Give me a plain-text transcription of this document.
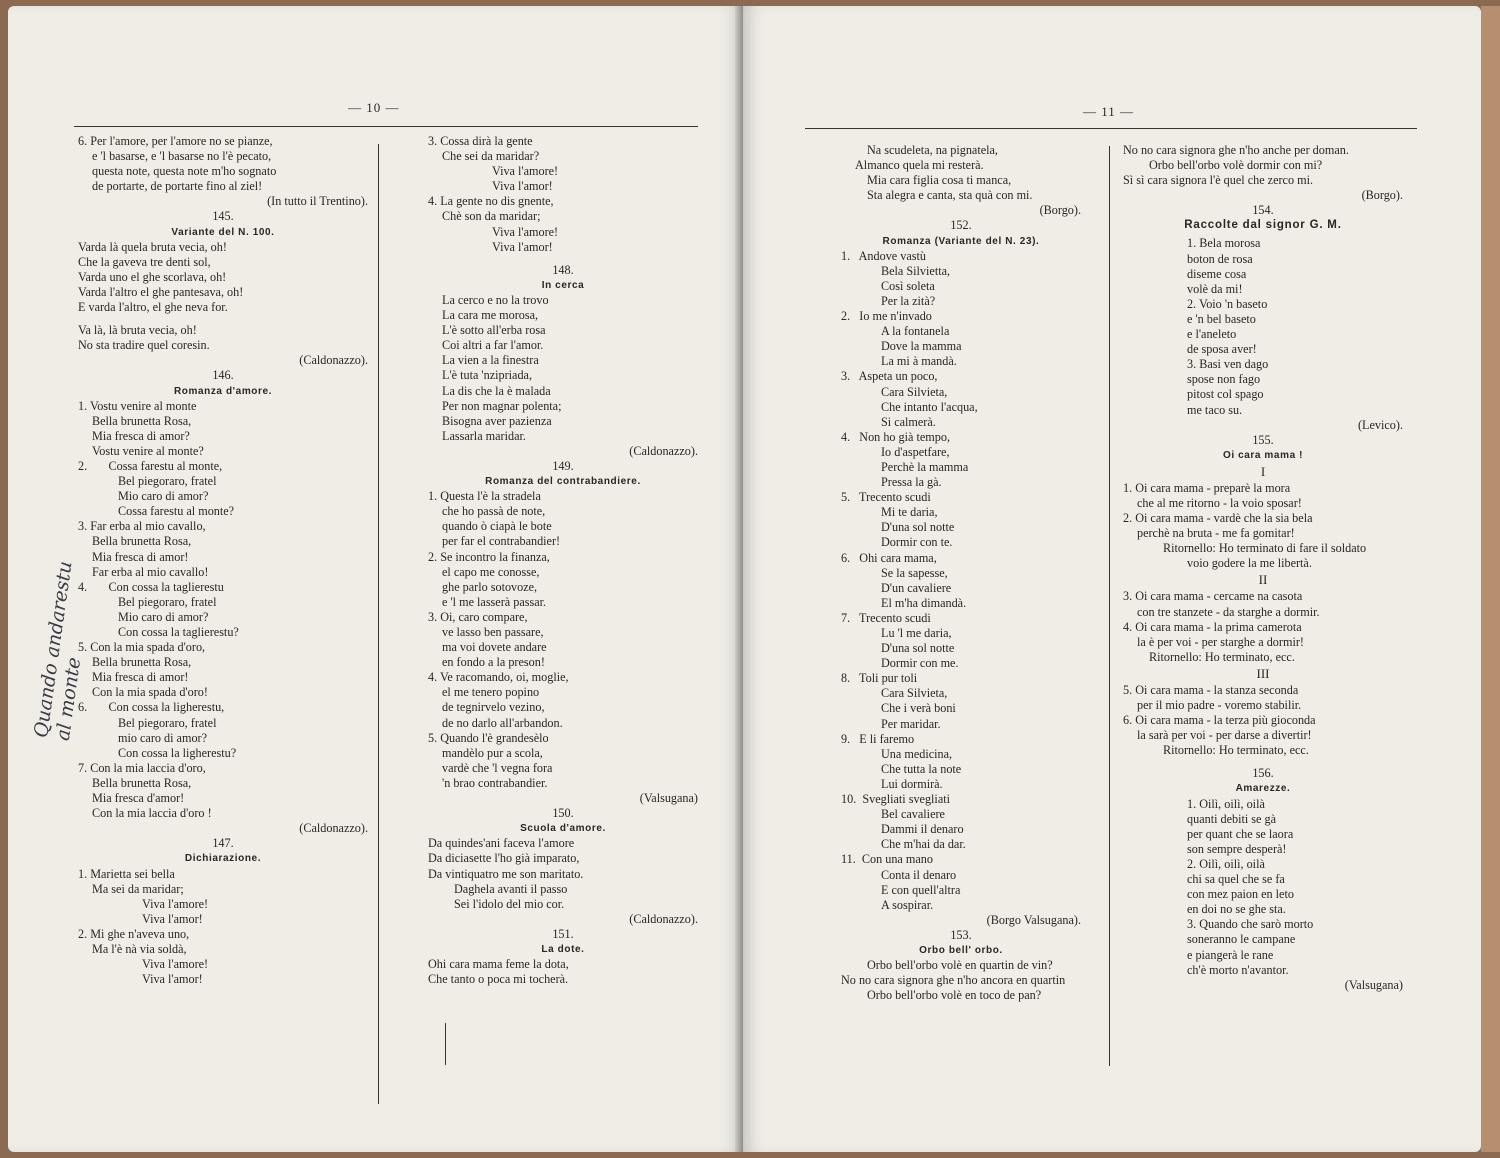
— 10 —
6. Per l'amore, per l'amore no se pianze,
e 'l basarse, e 'l basarse no l'è pecato,
questa note, questa note m'ho sognato
de portarte, de portarte fino al ziel!
(In tutto il Trentino).
145.
Variante del N. 100.
Varda là quela bruta vecia, oh!
Che la gaveva tre denti sol,
Varda uno el ghe scorlava, oh!
Varda l'altro el ghe pantesava, oh!
E varda l'altro, el ghe neva for.
Va là, là bruta vecia, oh!
No sta tradire quel coresin.
(Caldonazzo).
146.
Romanza d'amore.
1. Vostu venire al monte
Bella brunetta Rosa,
Mia fresca di amor?
Vostu venire al monte?
2.       Cossa farestu al monte,
Bel piegoraro, fratel
Mio caro di amor?
Cossa farestu al monte?
3. Far erba al mio cavallo,
Bella brunetta Rosa,
Mia fresca di amor!
Far erba al mio cavallo!
4.       Con cossa la taglierestu
Bel piegoraro, fratel
Mio caro di amor?
Con cossa la taglierestu?
5. Con la mia spada d'oro,
Bella brunetta Rosa,
Mia fresca di amor!
Con la mia spada d'oro!
6.       Con cossa la ligherestu,
Bel piegoraro, fratel
mio caro di amor?
Con cossa la ligherestu?
7. Con la mia laccia d'oro,
Bella brunetta Rosa,
Mia fresca d'amor!
Con la mia laccia d'oro !
(Caldonazzo).
147.
Dichiarazione.
1. Marietta sei bella
Ma sei da maridar;
Viva l'amore!
Viva l'amor!
2. Mi ghe n'aveva uno,
Ma l'è nà via soldà,
Viva l'amore!
Viva l'amor!
3. Cossa dirà la gente
Che sei da maridar?
Viva l'amore!
Viva l'amor!
4. La gente no dis gnente,
Chè son da maridar;
Viva l'amore!
Viva l'amor!
148.
In cerca
La cerco e no la trovo
La cara me morosa,
L'è sotto all'erba rosa
Coi altri a far l'amor.
La vien a la finestra
L'è tuta 'nzipriada,
La dis che la è malada
Per non magnar polenta;
Bisogna aver pazienza
Lassarla maridar.
(Caldonazzo).
149.
Romanza del contrabandiere.
1. Questa l'è la stradela
che ho passà de note,
quando ò ciapà le bote
per far el contrabandier!
2. Se incontro la finanza,
el capo me conosse,
ghe parlo sotovoze,
e 'l me lasserà passar.
3. Oi, caro compare,
ve lasso ben passare,
ma voi dovete andare
en fondo a la preson!
4. Ve racomando, oi, moglie,
el me tenero popino
de tegnirvelo vezino,
de no darlo all'arbandon.
5. Quando l'è grandesèlo
mandèlo pur a scola,
vardè che 'l vegna fora
'n brao contrabandier.
(Valsugana)
150.
Scuola d'amore.
Da quindes'ani faceva l'amore
Da diciasette l'ho già imparato,
Da vintiquatro me son maritato.
Daghela avanti il passo
Sei l'idolo del mio cor.
(Caldonazzo).
151.
La dote.
Ohi cara mama feme la dota,
Che tanto o poca mi tocherà.
Quando andarestu
al monte
— 11 —
Na scudeleta, na pignatela,
Almanco quela mi resterà.
Mia cara figlia cosa ti manca,
Sta alegra e canta, sta quà con mi.
(Borgo).
152.
Romanza (Variante del N. 23).
1.   Andove vastù
Bela Silvietta,
Così soleta
Per la zità?
2.   Io me n'invado
A la fontanela
Dove la mamma
La mi à mandà.
3.   Aspeta un poco,
Cara Silvieta,
Che intanto l'acqua,
Si calmerà.
4.   Non ho già tempo,
Io d'aspetfare,
Perchè la mamma
Pressa la gà.
5.   Trecento scudi
Mi te daria,
D'una sol notte
Dormir con te.
6.   Ohi cara mama,
Se la sapesse,
D'un cavaliere
El m'ha dimandà.
7.   Trecento scudi
Lu 'l me daria,
D'una sol notte
Dormir con me.
8.   Toli pur toli
Cara Silvieta,
Che i verà boni
Per maridar.
9.   E li faremo
Una medicina,
Che tutta la note
Lui dormirà.
10.  Svegliati svegliati
Bel cavaliere
Dammi il denaro
Che m'hai da dar.
11.  Con una mano
Conta il denaro
E con quell'altra
A sospirar.
(Borgo Valsugana).
153.
Orbo bell' orbo.
Orbo bell'orbo volè en quartin de vin?
No no cara signora ghe n'ho ancora en quartin
Orbo bell'orbo volè en toco de pan?
No no cara signora ghe n'ho anche per doman.
Orbo bell'orbo volè dormir con mi?
Sì sì cara signora l'è quel che zerco mi.
(Borgo).
154.
Raccolte dal signor G. M.
1. Bela morosa
boton de rosa
diseme cosa
volè da mi!
2. Voio 'n baseto
e 'n bel baseto
e l'aneleto
de sposa aver!
3. Basi ven dago
spose non fago
pitost col spago
me taco su.
(Levico).
155.
Oi cara mama !
I
1. Oi cara mama - preparè la mora
che al me ritorno - la voio sposar!
2. Oi cara mama - vardè che la sia bela
perchè na bruta - me fa gomitar!
Ritornello: Ho terminato di fare il soldato
voio godere la me libertà.
II
3. Oi cara mama - cercame na casota
con tre stanzete - da starghe a dormir.
4. Oi cara mama - la prima camerota
la è per voi - per starghe a dormir!
Ritornello: Ho terminato, ecc.
III
5. Oi cara mama - la stanza seconda
per il mio padre - voremo stabilir.
6. Oi cara mama - la terza più gioconda
la sarà per voi - per darse a divertir!
Ritornello: Ho terminato, ecc.
156.
Amarezze.
1. Oilì, oilì, oilà
quanti debiti se gà
per quant che se laora
son sempre desperà!
2. Oilì, oilì, oilà
chi sa quel che se fa
con mez paion en leto
en doi no se ghe sta.
3. Quando che sarò morto
soneranno le campane
e piangerà le rane
ch'è morto n'avantor.
(Valsugana)
